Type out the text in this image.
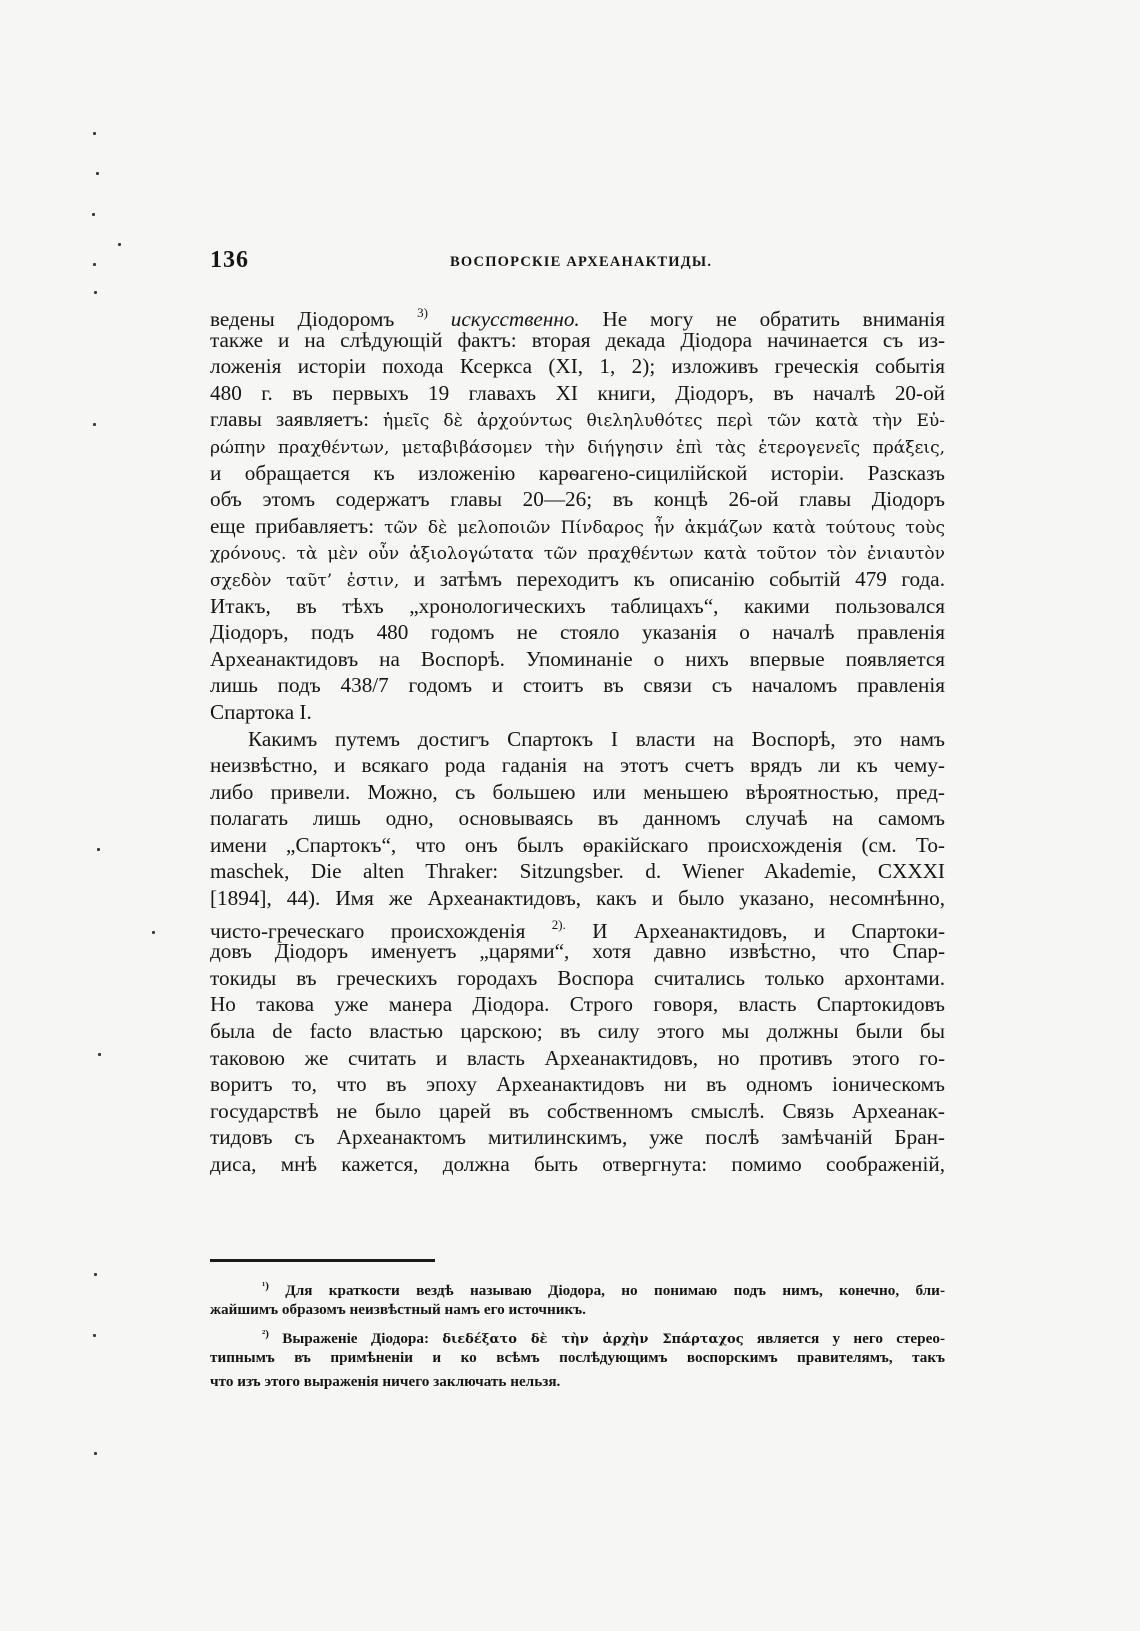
136	ВОСПОРСКІЕ АРХЕАНАКТИДЫ.
ведены Діодоромъ $^{3)}$ искусственно. Не могу не обратить вниманія
также и на слѣдующій фактъ: вторая декада Діодора начинается съ из-
ложенія исторіи похода Ксеркса (XI, 1, 2); изложивъ греческія событія
480 г. въ первыхъ 19 главахъ XI книги, Діодоръ, въ началѣ 20-ой
главы заявляетъ: ἡμεῖς δὲ ἀρχούντως θιεληλυθότες περὶ τῶν κατὰ τὴν Εὐ-
ρώπην πραχθέντων, μεταβιβάσομεν τὴν διήγησιν ἐπὶ τὰς ἑτερογενεῖς πράξεις,
и обращается къ изложенію карѳагено-сицилійской исторіи. Разсказъ
объ этомъ содержатъ главы 20—26; въ концѣ 26-ой главы Діодоръ
еще прибавляетъ: τῶν δὲ μελοποιῶν Πίνδαρος ἦν ἀκμάζων κατὰ τούτους τοὺς
χρόνους. τὰ μὲν οὖν ἀξιολογώτατα τῶν πραχθέντων κατὰ τοῦτον τὸν ἐνιαυτὸν
σχεδὸν ταῦτ’ ἐστιν, и затѣмъ переходитъ къ описанію событій 479 года.
Итакъ, въ тѣхъ „хронологическихъ таблицахъ“, какими пользовался
Діодоръ, подъ 480 годомъ не стояло указанія о началѣ правленія
Археанактидовъ на Воспорѣ. Упоминаніе о нихъ впервые появляется
лишь подъ 438/7 годомъ и стоитъ въ связи съ началомъ правленія
Спартока I.
Какимъ путемъ достигъ Спартокъ I власти на Воспорѣ, это намъ
неизвѣстно, и всякаго рода гаданія на этотъ счетъ врядъ ли къ чему-
либо привели. Можно, съ большею или меньшею вѣроятностью, пред-
полагать лишь одно, основываясь въ данномъ случаѣ на самомъ
имени „Спартокъ“, что онъ былъ ѳракійскаго происхожденія (см. To-
maschek, Die alten Thraker: Sitzungsber. d. Wiener Akademie, CXXXI
[1894], 44). Имя же Археанактидовъ, какъ и было указано, несомнѣнно,
чисто-греческаго происхожденія $^{2).}$ И Археанактидовъ, и Спартоки-
довъ Діодоръ именуетъ „царями“, хотя давно извѣстно, что Спар-
токиды въ греческихъ городахъ Воспора считались только архонтами.
Но такова уже манера Діодора. Строго говоря, власть Спартокидовъ
была de facto властью царскою; въ силу этого мы должны были бы
таковою же считать и власть Археанактидовъ, но противъ этого го-
воритъ то, что въ эпоху Археанактидовъ ни въ одномъ іоническомъ
государствѣ не было царей въ собственномъ смыслѣ. Связь Археанак-
тидовъ съ Археанактомъ митилинскимъ, уже послѣ замѣчаній Бран-
диса, мнѣ кажется, должна быть отвергнута: помимо соображеній,
$^{^1)}$ Для краткости вездѣ называю Діодора, но понимаю подъ нимъ, конечно, бли-
жайшимъ образомъ неизвѣстный намъ его источникъ.
$^{^2)}$ Выраженіе Діодора: διεδέξατο δὲ τὴν ἀρχὴν Σπάρταχος является у него стерео-
типнымъ въ примѣненіи и ко всѣмъ послѣдующимъ воспорскимъ правителямъ, такъ
что изъ этого выраженія ничего заключать нельзя.
